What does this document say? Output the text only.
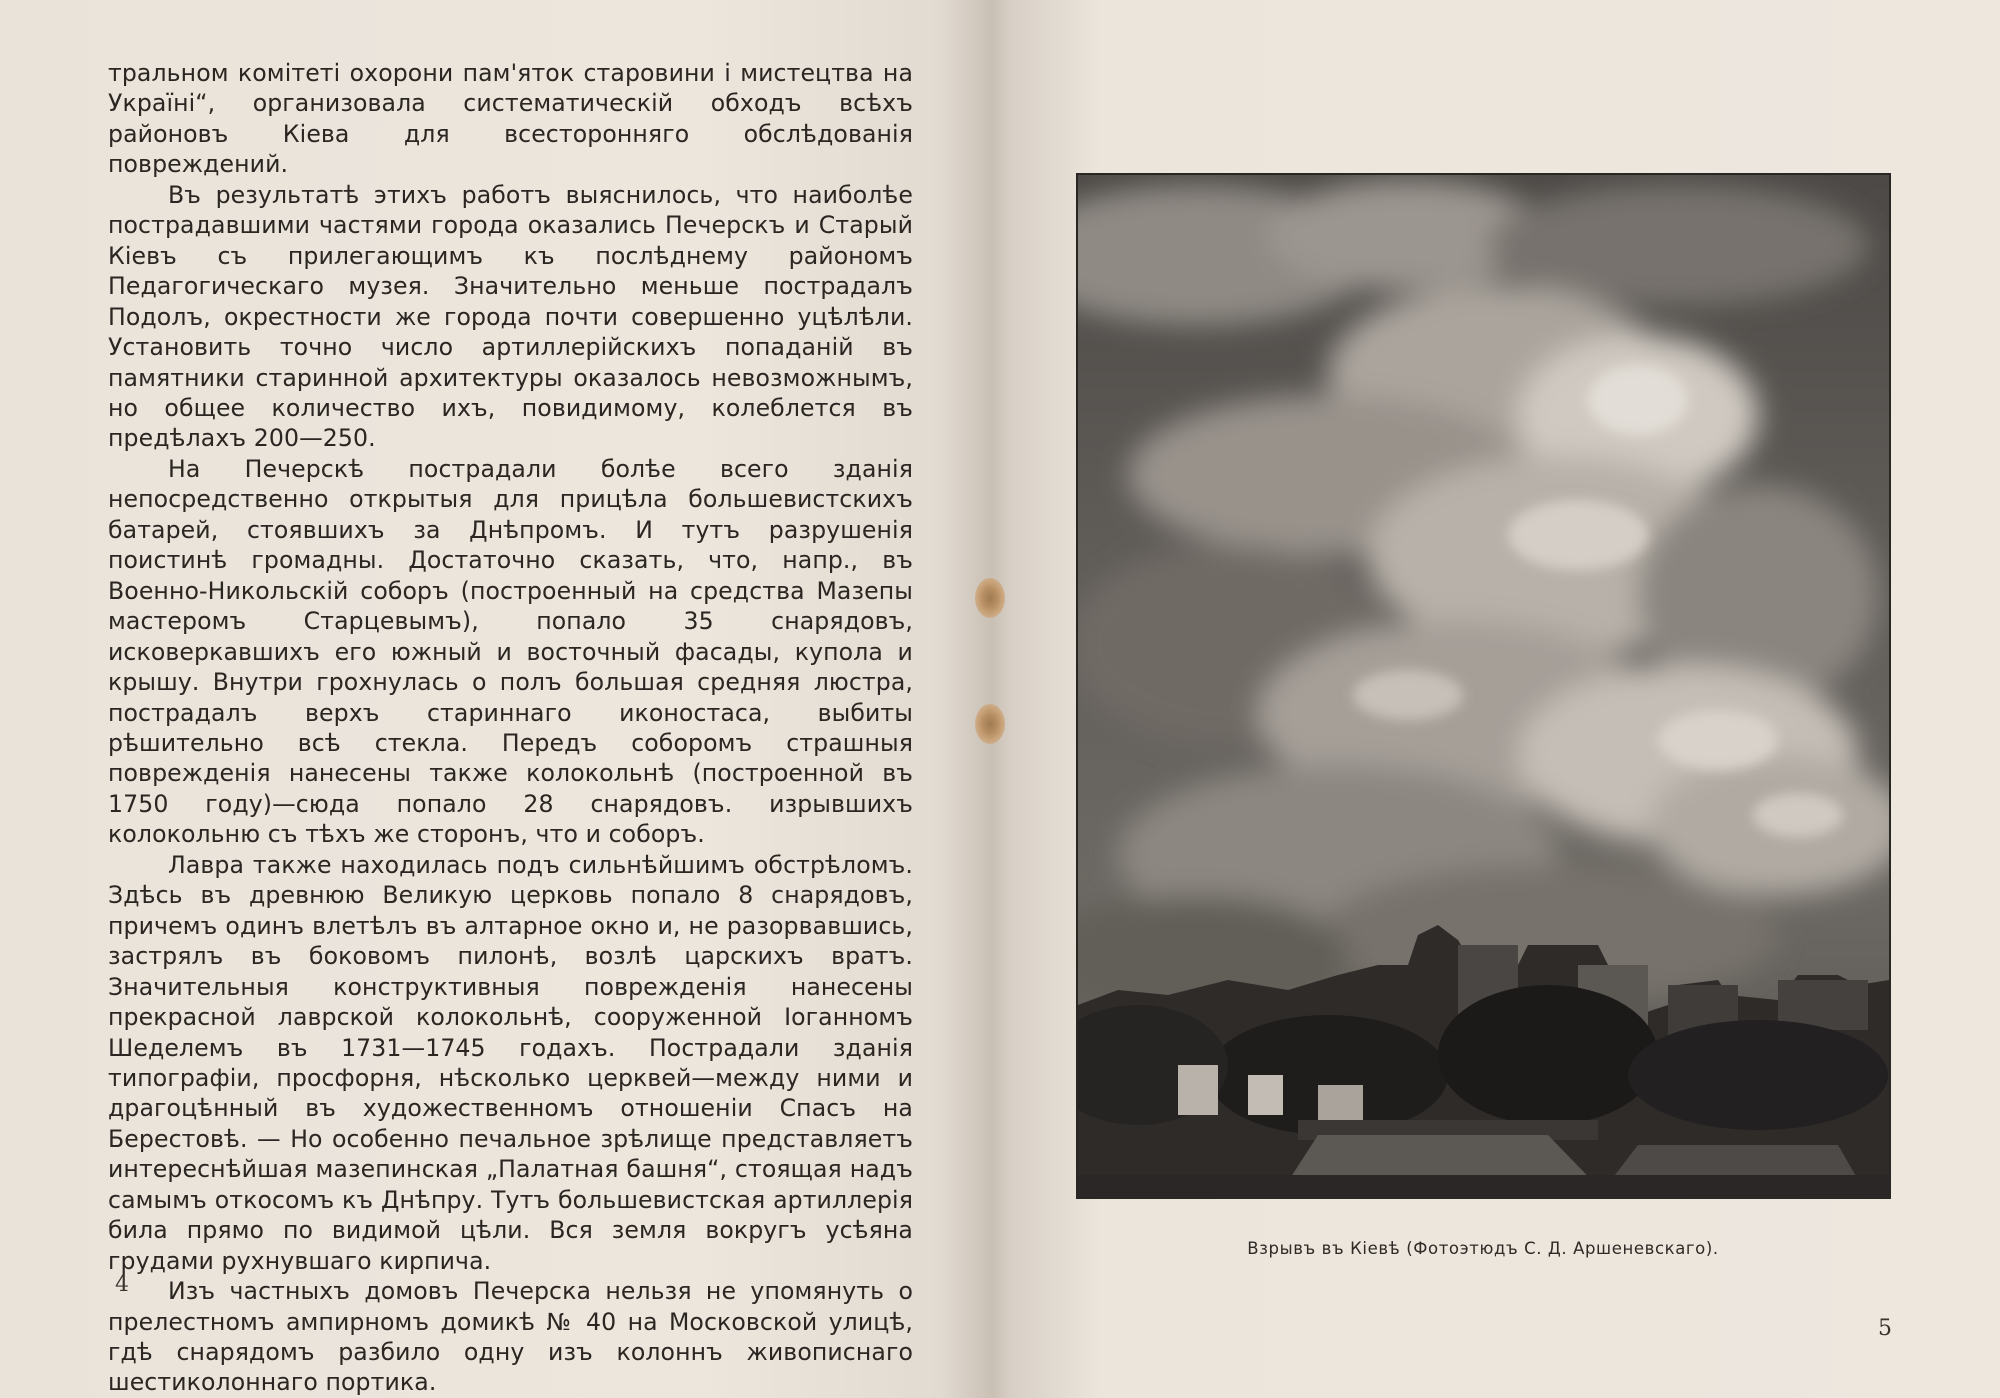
тральном комітеті охорони пам'яток старовини і мистецтва на Україні“, организовала систематическій обходъ всѣхъ районовъ Кіева для всесторонняго обслѣдованія повреждений.

Въ результатѣ этихъ работъ выяснилось, что наиболѣе пострадавшими частями города оказались Печерскъ и Старый Кіевъ съ прилегающимъ къ послѣднему райономъ Педагогическаго музея. Значительно меньше пострадалъ Подолъ, окрестности же города почти совершенно уцѣлѣли. Установить точно число артиллерійскихъ попаданій въ памятники старинной архитектуры оказалось невозможнымъ, но общее количество ихъ, повидимому, колеблется въ предѣлахъ 200—250.

На Печерскѣ пострадали болѣе всего зданія непосредственно открытыя для прицѣла большевистскихъ батарей, стоявшихъ за Днѣпромъ. И тутъ разрушенія поистинѣ громадны. Достаточно сказать, что, напр., въ Военно-Никольскій соборъ (построенный на средства Мазепы мастеромъ Старцевымъ), попало 35 снарядовъ, исковеркавшихъ его южный и восточный фасады, купола и крышу. Внутри грохнулась о полъ большая средняя люстра, пострадалъ верхъ стариннаго иконостаса, выбиты рѣшительно всѣ стекла. Передъ соборомъ страшныя поврежденія нанесены также колокольнѣ (построенной въ 1750 году)—сюда попало 28 снарядовъ. изрывшихъ колокольню съ тѣхъ же сторонъ, что и соборъ.

Лавра также находилась подъ сильнѣйшимъ обстрѣломъ. Здѣсь въ древнюю Великую церковь попало 8 снарядовъ, причемъ одинъ влетѣлъ въ алтарное окно и, не разорвавшись, застрялъ въ боковомъ пилонѣ, возлѣ царскихъ вратъ. Значительныя конструктивныя поврежденія нанесены прекрасной лаврской колокольнѣ, сооруженной Іоганномъ Шеделемъ въ 1731—1745 годахъ. Пострадали зданія типографіи, просфорня, нѣсколько церквей—между ними и драгоцѣнный въ художественномъ отношеніи Спасъ на Берестовѣ. — Но особенно печальное зрѣлище представляетъ интереснѣйшая мазепинская „Палатная башня“, стоящая надъ самымъ откосомъ къ Днѣпру. Тутъ большевистская артиллерія била прямо по видимой цѣли. Вся земля вокругъ усѣяна грудами рухнувшаго кирпича.

Изъ частныхъ домовъ Печерска нельзя не упомянуть о прелестномъ ампирномъ домикѣ № 40 на Московской улицѣ, гдѣ снарядомъ разбило одну изъ колоннъ живописнаго шестиколоннаго портика.

4
Взрывъ въ Кіевѣ (Фотоэтюдъ С. Д. Аршеневскаго).
5
